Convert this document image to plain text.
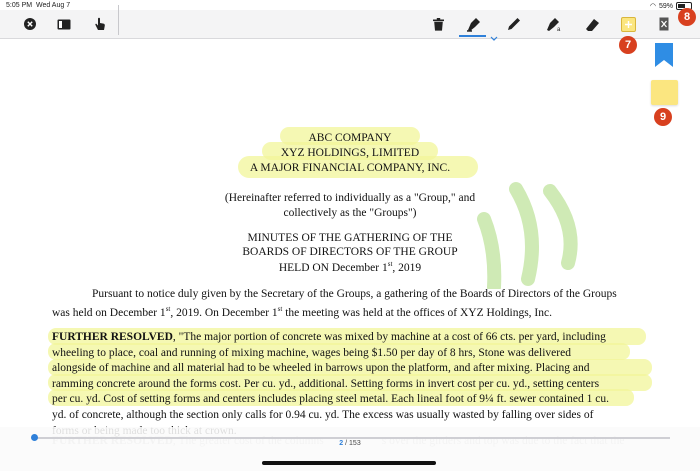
5:05 PM Wed Aug 7	◠ 59%
a
7
8
9
ABC COMPANY
XYZ HOLDINGS, LIMITED
A MAJOR FINANCIAL COMPANY, INC.
(Hereinafter referred to individually as a "Group," and
collectively as the "Groups")
MINUTES OF THE GATHERING OF THE
BOARDS OF DIRECTORS OF THE GROUP
HELD ON December 1st, 2019
Pursuant to notice duly given by the Secretary of the Groups, a gathering of the Boards of Directors of the Groups
was held on December 1st, 2019. On December 1st the meeting was held at the offices of XYZ Holdings, Inc.
FURTHER RESOLVED, "The major portion of concrete was mixed by machine at a cost of 66 cts. per yard, including
wheeling to place, coal and running of mixing machine, wages being $1.50 per day of 8 hrs, Stone was delivered
alongside of machine and all material had to be wheeled in barrows upon the platform, and after mixing. Placing and
ramming concrete around the forms cost. Per cu. yd., additional. Setting forms in invert cost per cu. yd., setting centers
per cu. yd. Cost of setting forms and centers includes placing steel metal. Each lineal foot of 9¼ ft. sewer contained 1 cu.
yd. of concrete, although the section only calls for 0.94 cu. yd. The excess was usually wasted by falling over sides of
2 / 153
